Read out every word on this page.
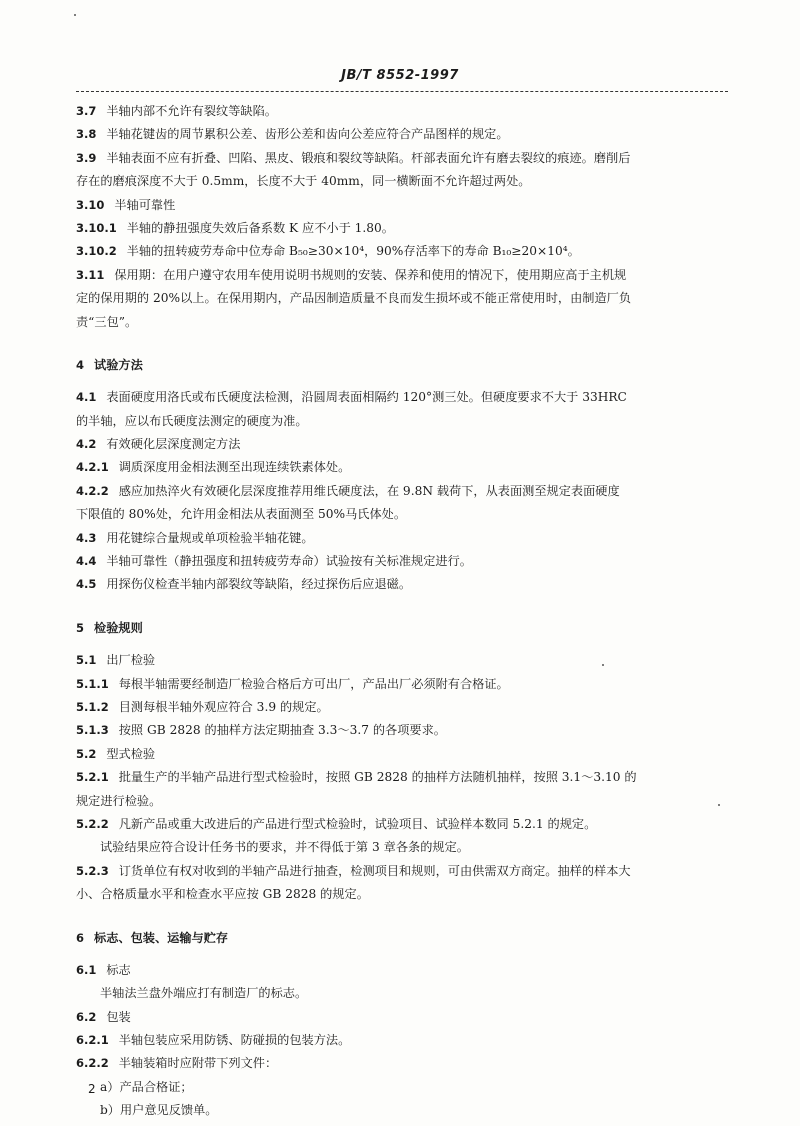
JB/T 8552-1997
3.7 半轴内部不允许有裂纹等缺陷。
3.8 半轴花键齿的周节累积公差、齿形公差和齿向公差应符合产品图样的规定。
3.9 半轴表面不应有折叠、凹陷、黑皮、锻痕和裂纹等缺陷。杆部表面允许有磨去裂纹的痕迹。磨削后
存在的磨痕深度不大于 0.5mm，长度不大于 40mm，同一横断面不允许超过两处。
3.10 半轴可靠性
3.10.1 半轴的静扭强度失效后备系数 K 应不小于 1.80。
3.10.2 半轴的扭转疲劳寿命中位寿命 B₅₀≥30×10⁴，90%存活率下的寿命 B₁₀≥20×10⁴。
3.11 保用期：在用户遵守农用车使用说明书规则的安装、保养和使用的情况下，使用期应高于主机规
定的保用期的 20%以上。在保用期内，产品因制造质量不良而发生损坏或不能正常使用时，由制造厂负
责“三包”。
4 试验方法
4.1 表面硬度用洛氏或布氏硬度法检测，沿圆周表面相隔约 120°测三处。但硬度要求不大于 33HRC
的半轴，应以布氏硬度法测定的硬度为准。
4.2 有效硬化层深度测定方法
4.2.1 调质深度用金相法测至出现连续铁素体处。
4.2.2 感应加热淬火有效硬化层深度推荐用维氏硬度法，在 9.8N 载荷下，从表面测至规定表面硬度
下限值的 80%处，允许用金相法从表面测至 50%马氏体处。
4.3 用花键综合量规或单项检验半轴花键。
4.4 半轴可靠性（静扭强度和扭转疲劳寿命）试验按有关标准规定进行。
4.5 用探伤仪检查半轴内部裂纹等缺陷，经过探伤后应退磁。
5 检验规则
5.1 出厂检验
5.1.1 每根半轴需要经制造厂检验合格后方可出厂，产品出厂必须附有合格证。
5.1.2 目测每根半轴外观应符合 3.9 的规定。
5.1.3 按照 GB 2828 的抽样方法定期抽查 3.3～3.7 的各项要求。
5.2 型式检验
5.2.1 批量生产的半轴产品进行型式检验时，按照 GB 2828 的抽样方法随机抽样，按照 3.1～3.10 的
规定进行检验。
5.2.2 凡新产品或重大改进后的产品进行型式检验时，试验项目、试验样本数同 5.2.1 的规定。
试验结果应符合设计任务书的要求，并不得低于第 3 章各条的规定。
5.2.3 订货单位有权对收到的半轴产品进行抽查，检测项目和规则，可由供需双方商定。抽样的样本大
小、合格质量水平和检查水平应按 GB 2828 的规定。
6 标志、包装、运输与贮存
6.1 标志
半轴法兰盘外端应打有制造厂的标志。
6.2 包装
6.2.1 半轴包装应采用防锈、防碰损的包装方法。
6.2.2 半轴装箱时应附带下列文件：
a）产品合格证；
b）用户意见反馈单。
2
